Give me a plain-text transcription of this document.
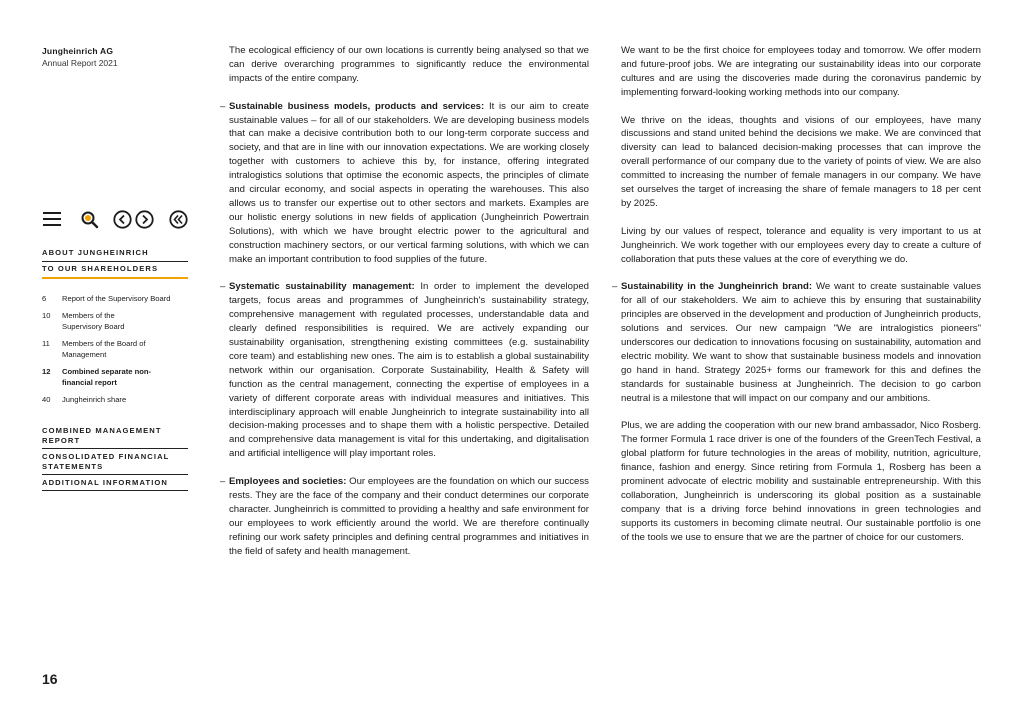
Jungheinrich AG
Annual Report 2021
ABOUT JUNGHEINRICH
TO OUR SHAREHOLDERS
6	Report of the Supervisory Board
10	Members of the Supervisory Board
11	Members of the Board of Management
12	Combined separate non-financial report
40	Jungheinrich share
COMBINED MANAGEMENT REPORT
CONSOLIDATED FINANCIAL STATEMENTS
ADDITIONAL INFORMATION
16

The ecological efficiency of our own locations is currently being analysed so that we can derive overarching programmes to significantly reduce the environmental impacts of the entire company.

– Sustainable business models, products and services: It is our aim to create sustainable values – for all of our stakeholders. We are developing business models that can make a decisive contribution both to our long-term corporate success and society, and that are in line with our innovation expectations. We are working closely together with customers to achieve this by, for instance, offering integrated intralogistics solutions that optimise the economic aspects, the principles of climate and circular economy, and social aspects in operating the warehouses. This also allows us to transfer our expertise out to other sectors and markets. Examples are our holistic energy solutions in new fields of application (Jungheinrich Powertrain Solutions), with which we have brought electric power to the agricultural and construction machinery sectors, or our vertical farming solutions, with which we can make an important contribution to food supplies of the future.

– Systematic sustainability management: In order to implement the developed targets, focus areas and programmes of Jungheinrich's sustainability strategy, comprehensive management with regulated processes, understandable data and clearly defined responsibilities is required. We are actively expanding our sustainability organisation, strengthening existing committees (e.g. sustainability core team) and establishing new ones. The aim is to establish a global sustainability network within our organisation. Corporate Sustainability, Health & Safety will function as the central management, connecting the expertise of employees in a variety of different corporate areas with individual measures and initiatives. This interdisciplinary approach will enable Jungheinrich to integrate sustainability into all decision-making processes and to shape them with a holistic perspective. Detailed and comprehensive data management is vital for this undertaking, and digitalisation and artificial intelligence will play important roles.

– Employees and societies: Our employees are the foundation on which our success rests. They are the face of the company and their conduct determines our corporate character. Jungheinrich is committed to providing a healthy and safe environment for our employees to work efficiently around the world. We are therefore continually refining our work safety principles and defining central programmes and initiatives in the field of safety and health management.

We want to be the first choice for employees today and tomorrow. We offer modern and future-proof jobs. We are integrating our sustainability ideas into our corporate cultures and are using the discoveries made during the coronavirus pandemic by implementing forward-looking working methods into our company.

We thrive on the ideas, thoughts and visions of our employees, have many discussions and stand united behind the decisions we make. We are convinced that diversity can lead to balanced decision-making processes that can improve the overall performance of our company due to the variety of points of view. We are also committed to increasing the number of female managers in our company. We have set ourselves the target of increasing the share of female managers to 18 per cent by 2025.

Living by our values of respect, tolerance and equality is very important to us at Jungheinrich. We work together with our employees every day to create a culture of collaboration that puts these values at the core of everything we do.

– Sustainability in the Jungheinrich brand: We want to create sustainable values for all of our stakeholders. We aim to achieve this by ensuring that sustainability principles are observed in the development and production of Jungheinrich products, solutions and services. Our new campaign "We are intralogistics pioneers" underscores our dedication to innovations focusing on sustainability, automation and electric mobility. We want to show that sustainable business models and innovation go hand in hand. Strategy 2025+ forms our framework for this and defines the standards for sustainable business at Jungheinrich. The decision to go carbon neutral is a milestone that will impact on our company and our ambitions.

Plus, we are adding the cooperation with our new brand ambassador, Nico Rosberg. The former Formula 1 race driver is one of the founders of the GreenTech Festival, a global platform for future technologies in the areas of mobility, nutrition, agriculture, finance, fashion and energy. Since retiring from Formula 1, Rosberg has been a prominent advocate of electric mobility and sustainable entrepreneurship. With this collaboration, Jungheinrich is underscoring its global position as a sustainable company that is a driving force behind innovations in green technologies and supports its customers in becoming climate neutral. Our sustainable portfolio is one of the tools we use to ensure that we are the partner of choice for our customers.
